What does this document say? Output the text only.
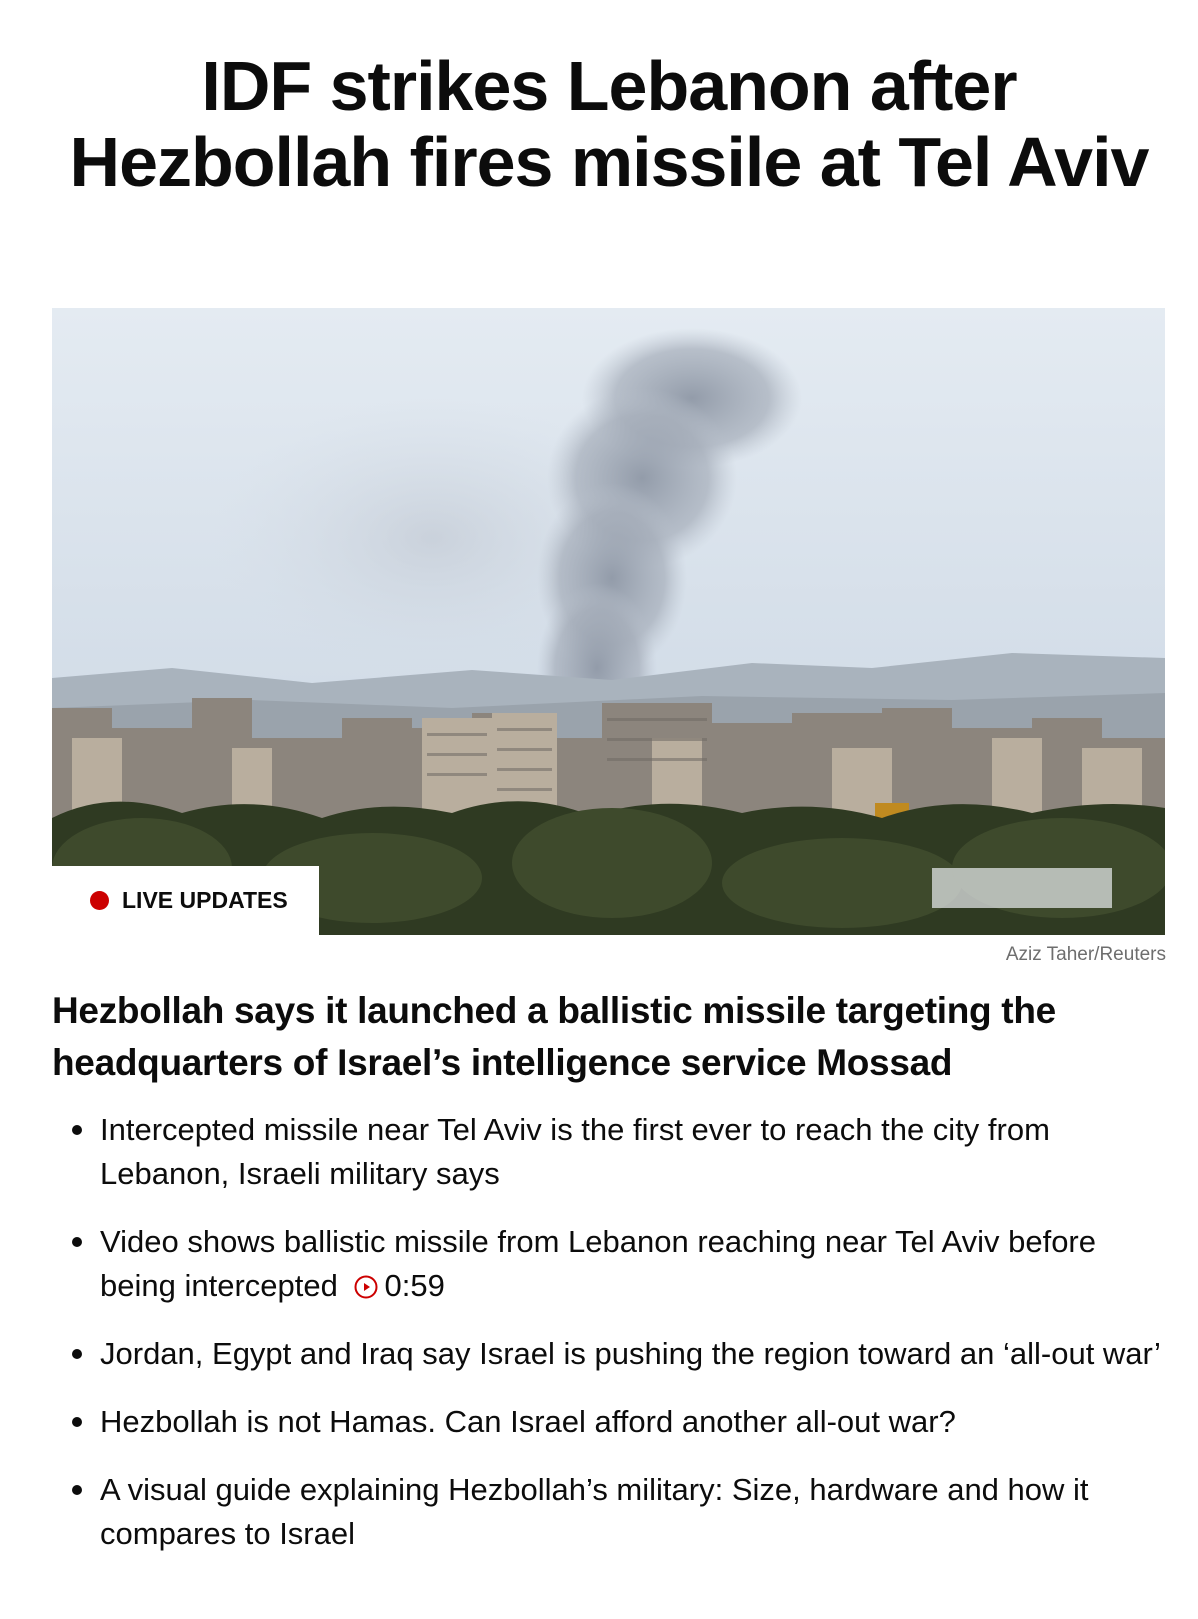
IDF strikes Lebanon after Hezbollah fires missile at Tel Aviv
LIVE UPDATES

Aziz Taher/Reuters

Hezbollah says it launched a ballistic missile targeting the headquarters of Israel’s intelligence service Mossad
Intercepted missile near Tel Aviv is the first ever to reach the city from Lebanon, Israeli military says
Video shows ballistic missile from Lebanon reaching near Tel Aviv before being intercepted 0:59
Jordan, Egypt and Iraq say Israel is pushing the region toward an ‘all-out war’
Hezbollah is not Hamas. Can Israel afford another all-out war?
A visual guide explaining Hezbollah’s military: Size, hardware and how it compares to Israel
